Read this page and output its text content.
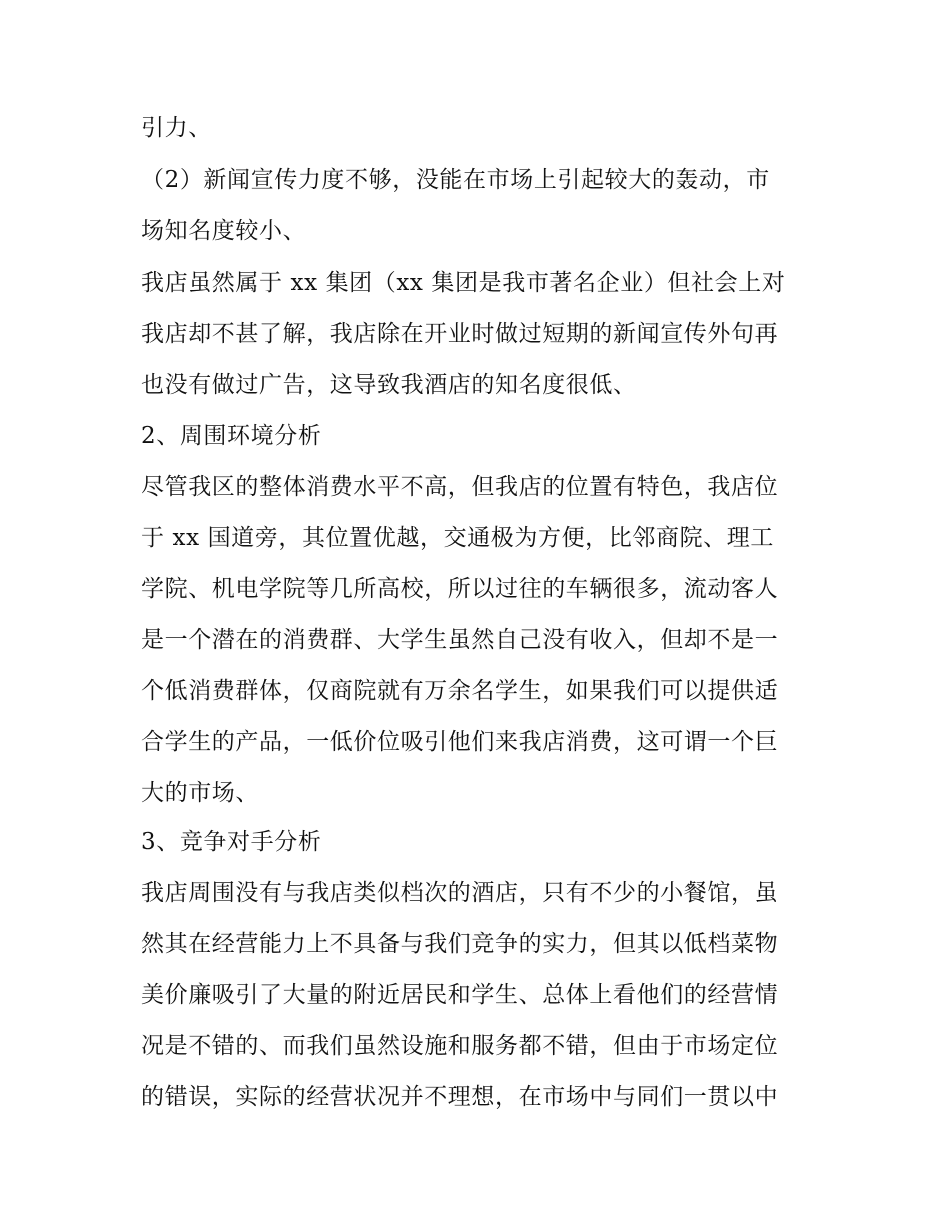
引力、
（2）新闻宣传力度不够，没能在市场上引起较大的轰动，市
场知名度较小、
我店虽然属于 xx 集团（xx 集团是我市著名企业）但社会上对
我店却不甚了解，我店除在开业时做过短期的新闻宣传外句再
也没有做过广告，这导致我酒店的知名度很低、
2、周围环境分析
尽管我区的整体消费水平不高，但我店的位置有特色，我店位
于 xx 国道旁，其位置优越，交通极为方便，比邻商院、理工
学院、机电学院等几所高校，所以过往的车辆很多，流动客人
是一个潜在的消费群、大学生虽然自己没有收入，但却不是一
个低消费群体，仅商院就有万余名学生，如果我们可以提供适
合学生的产品，一低价位吸引他们来我店消费，这可谓一个巨
大的市场、
3、竞争对手分析
我店周围没有与我店类似档次的酒店，只有不少的小餐馆，虽
然其在经营能力上不具备与我们竞争的实力，但其以低档菜物
美价廉吸引了大量的附近居民和学生、总体上看他们的经营情
况是不错的、而我们虽然设施和服务都不错，但由于市场定位
的错误，实际的经营状况并不理想，在市场中与同们一贯以中
